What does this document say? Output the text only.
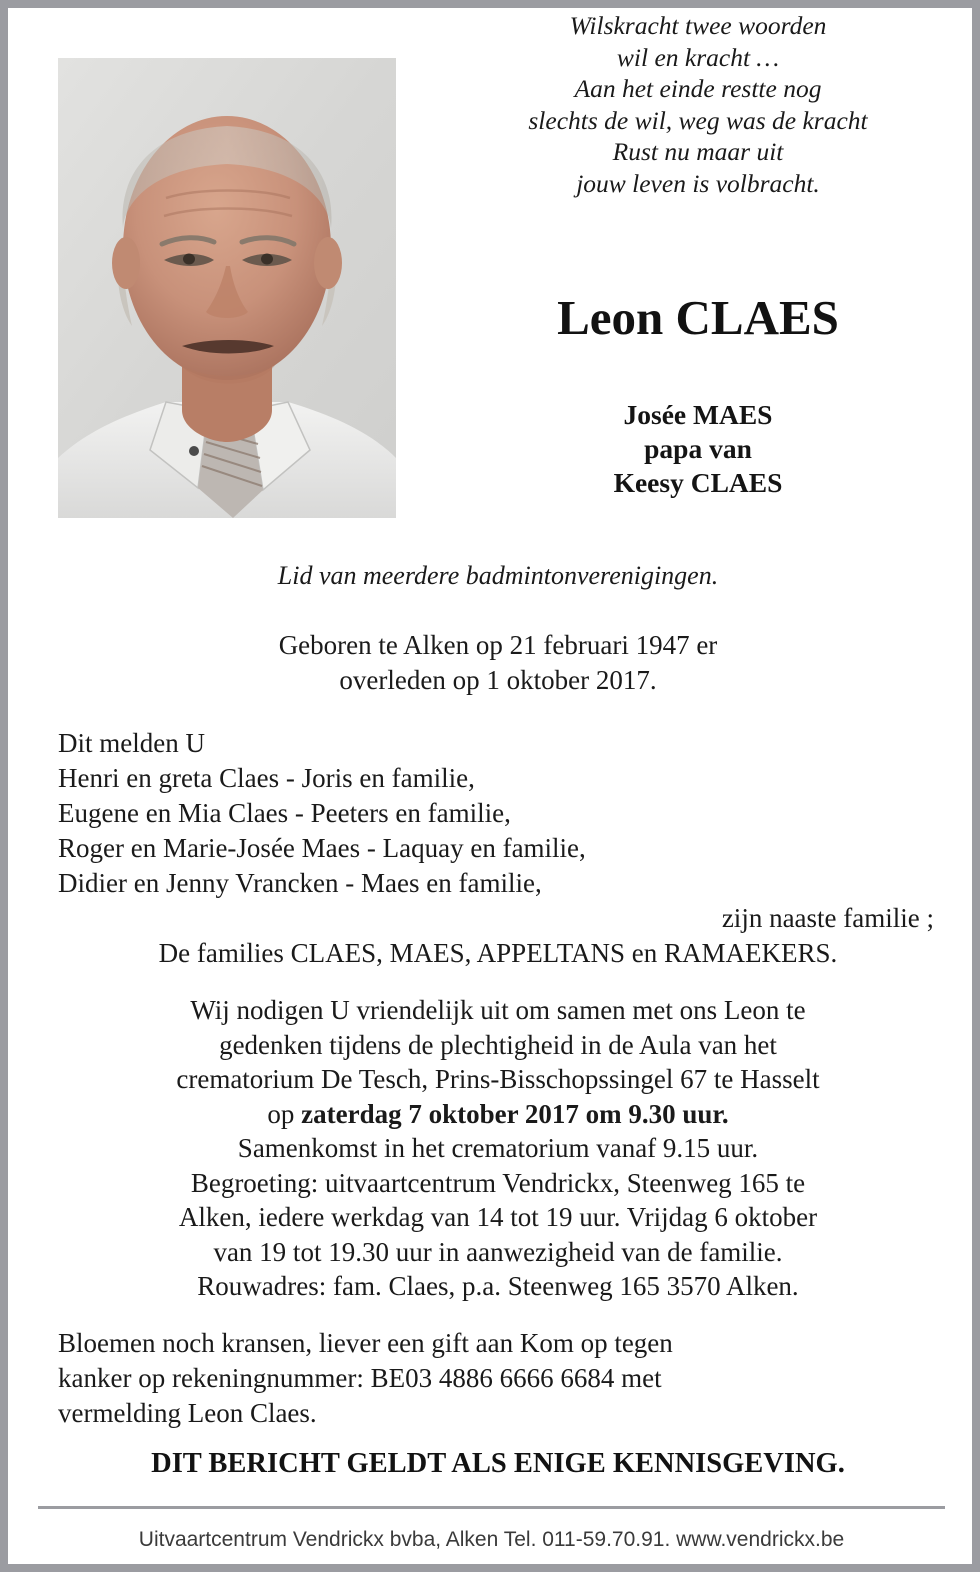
Wilskracht twee woorden
wil en kracht …
Aan het einde restte nog
slechts de wil, weg was de kracht
Rust nu maar uit
jouw leven is volbracht.
Leon CLAES
Josée MAES
papa van
Keesy CLAES
Lid van meerdere badmintonverenigingen.
Geboren te Alken op 21 februari 1947 er
overleden op 1 oktober 2017.
Dit melden U
Henri en greta Claes - Joris en familie,
Eugene en Mia Claes - Peeters en familie,
Roger en Marie-Josée Maes - Laquay en familie,
Didier en Jenny Vrancken - Maes en familie,
zijn naaste familie ;
De families CLAES, MAES, APPELTANS en RAMAEKERS.
Wij nodigen U vriendelijk uit om samen met ons Leon te
gedenken tijdens de plechtigheid in de Aula van het
crematorium De Tesch, Prins-Bisschopssingel 67 te Hasselt
op zaterdag 7 oktober 2017 om 9.30 uur.
Samenkomst in het crematorium vanaf 9.15 uur.
Begroeting: uitvaartcentrum Vendrickx, Steenweg 165 te
Alken, iedere werkdag van 14 tot 19 uur. Vrijdag 6 oktober
van 19 tot 19.30 uur in aanwezigheid van de familie.
Rouwadres: fam. Claes, p.a. Steenweg 165 3570 Alken.
Bloemen noch kransen, liever een gift aan Kom op tegen
kanker op rekeningnummer: BE03 4886 6666 6684 met
vermelding Leon Claes.
DIT BERICHT GELDT ALS ENIGE KENNISGEVING.
Uitvaartcentrum Vendrickx bvba, Alken Tel. 011-59.70.91. www.vendrickx.be
